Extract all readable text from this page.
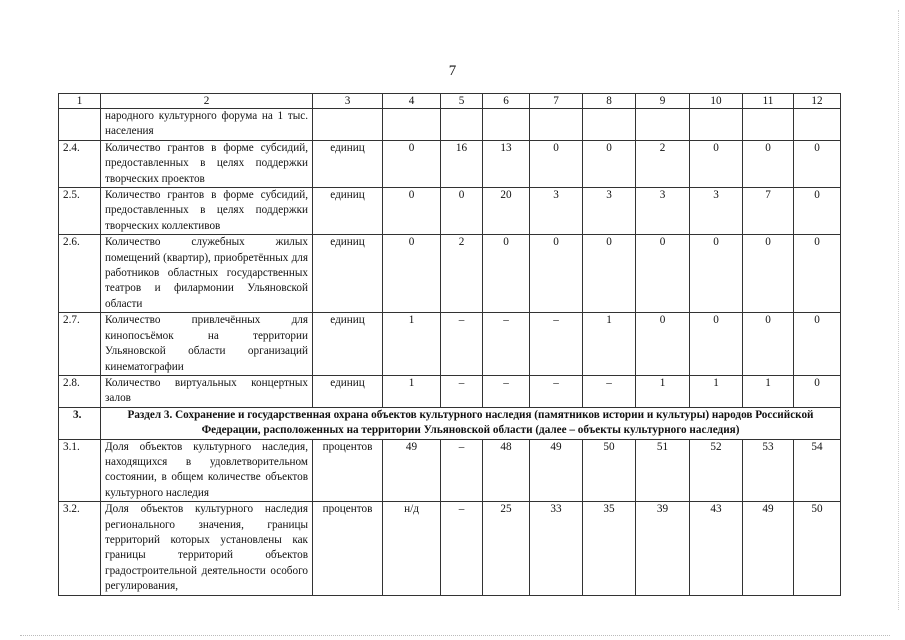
7
1	2	3	4	5	6	7	8	9	10	11	12
	народного культурного форума на 1 тыс. населения										
2.4.	Количество грантов в форме субсидий, предоставленных в целях поддержки творческих проектов	единиц	0	16	13	0	0	2	0	0	0
2.5.	Количество грантов в форме субсидий, предоставленных в целях поддержки творческих коллективов	единиц	0	0	20	3	3	3	3	7	0
2.6.	Количество служебных жилых помещений (квартир), приобретённых для работников областных государственных театров и филармонии Ульяновской области	единиц	0	2	0	0	0	0	0	0	0
2.7.	Количество привлечённых для кинопосъёмок на территории Ульяновской области организаций кинематографии	единиц	1	–	–	–	1	0	0	0	0
2.8.	Количество виртуальных концертных залов	единиц	1	–	–	–	–	1	1	1	0
3.	Раздел 3. Сохранение и государственная охрана объектов культурного наследия (памятников истории и культуры) народов Российской Федерации, расположенных на территории Ульяновской области (далее – объекты культурного наследия)										
3.1.	Доля объектов культурного наследия, находящихся в удовлетворительном состоянии, в общем количестве объектов культурного наследия	процентов	49	–	48	49	50	51	52	53	54
3.2.	Доля объектов культурного наследия регионального значения, границы территорий которых установлены как границы территорий объектов градостроительной деятельности особого регулирования,	процентов	н/д	–	25	33	35	39	43	49	50
